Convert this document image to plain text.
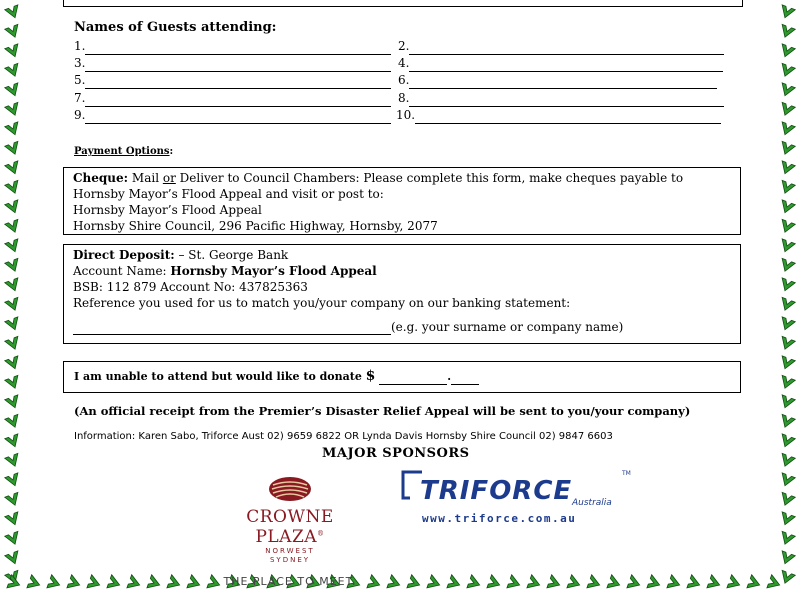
Names of Guests attending:
1.	2.
3.	4.
5.	6.
7.	8.
9.	10.
Payment Options:
Cheque: Mail or Deliver to Council Chambers: Please complete this form, make cheques payable to
Hornsby Mayor’s Flood Appeal and visit or post to:
Hornsby Mayor’s Flood Appeal
Hornsby Shire Council, 296 Pacific Highway, Hornsby, 2077
Direct Deposit: – St. George Bank
Account Name: Hornsby Mayor’s Flood Appeal
BSB: 112 879 Account No: 437825363
Reference you used for us to match you/your company on our banking statement:
(e.g. your surname or company name)
I am unable to attend but would like to donate $	.
(An official receipt from the Premier’s Disaster Relief Appeal will be sent to you/your company)
Information: Karen Sabo, Triforce Aust 02) 9659 6822 OR Lynda Davis Hornsby Shire Council 02) 9847 6603
MAJOR SPONSORS
CROWNE PLAZA®
NORWEST
SYDNEY
THE PLACE TO MEET.
TRIFORCE
TM
Australia
www.triforce.com.au
